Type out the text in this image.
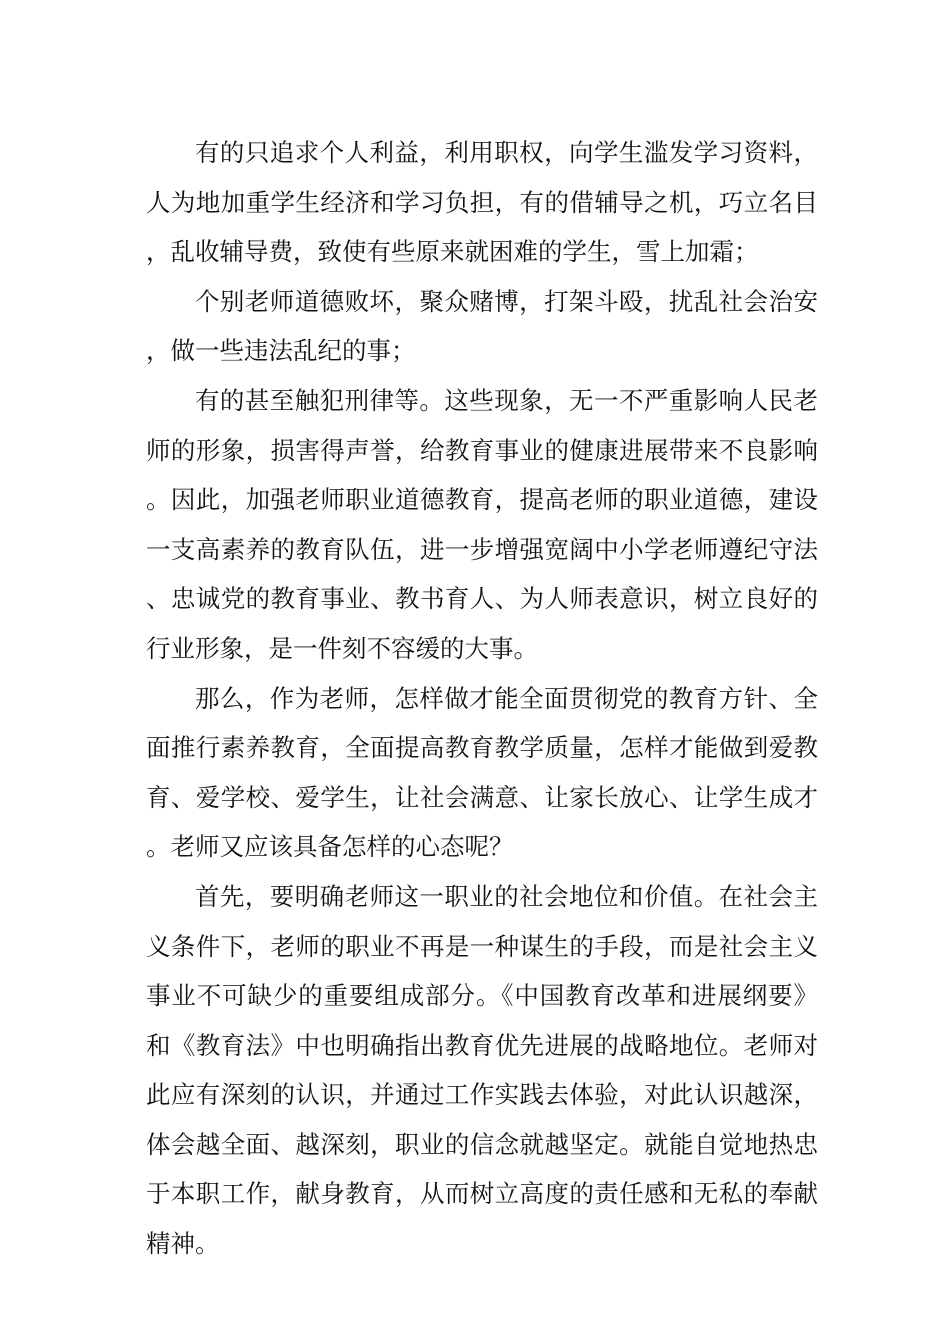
有的只追求个人利益，利用职权，向学生滥发学习资料，人为地加重学生经济和学习负担，有的借辅导之机，巧立名目，乱收辅导费，致使有些原来就困难的学生，雪上加霜；

个别老师道德败坏，聚众赌博，打架斗殴，扰乱社会治安，做一些违法乱纪的事；

有的甚至触犯刑律等。这些现象，无一不严重影响人民老师的形象，损害得声誉，给教育事业的健康进展带来不良影响。因此，加强老师职业道德教育，提高老师的职业道德，建设一支高素养的教育队伍，进一步增强宽阔中小学老师遵纪守法、忠诚党的教育事业、教书育人、为人师表意识，树立良好的行业形象，是一件刻不容缓的大事。

那么，作为老师，怎样做才能全面贯彻党的教育方针、全面推行素养教育，全面提高教育教学质量，怎样才能做到爱教育、爱学校、爱学生，让社会满意、让家长放心、让学生成才。老师又应该具备怎样的心态呢？

首先，要明确老师这一职业的社会地位和价值。在社会主义条件下，老师的职业不再是一种谋生的手段，而是社会主义事业不可缺少的重要组成部分。《中国教育改革和进展纲要》和《教育法》中也明确指出教育优先进展的战略地位。老师对此应有深刻的认识，并通过工作实践去体验，对此认识越深，体会越全面、越深刻，职业的信念就越坚定。就能自觉地热忠于本职工作，献身教育，从而树立高度的责任感和无私的奉献精神。
